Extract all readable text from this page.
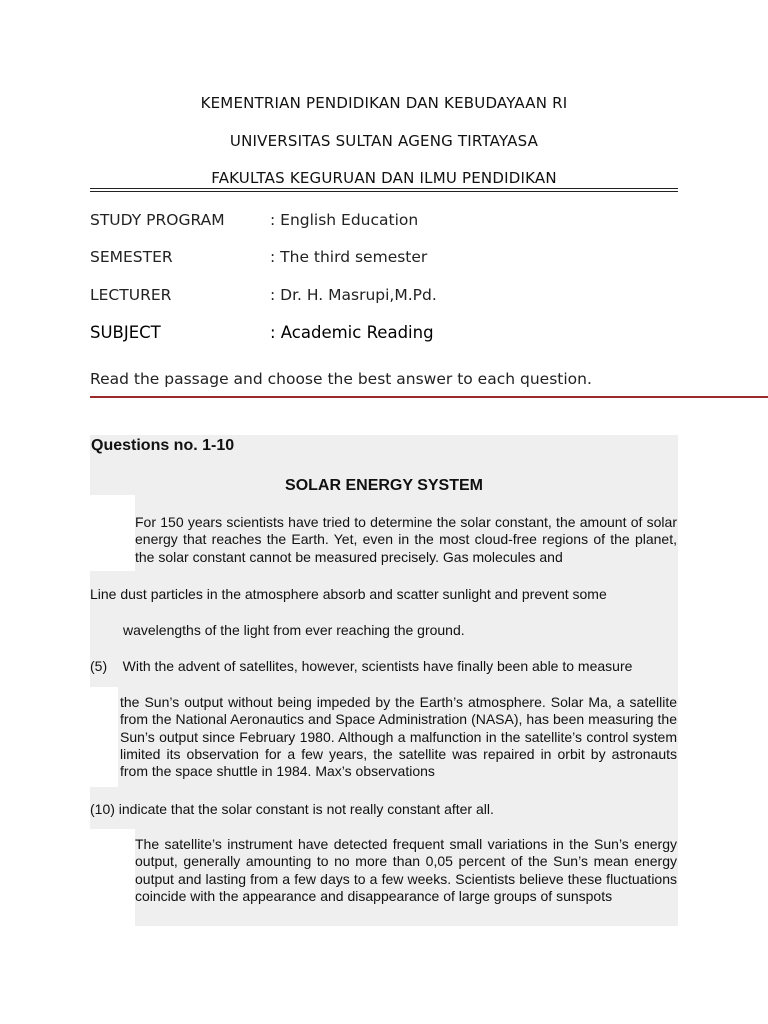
KEMENTRIAN PENDIDIKAN DAN KEBUDAYAAN RI
UNIVERSITAS SULTAN AGENG TIRTAYASA
FAKULTAS KEGURUAN DAN ILMU PENDIDIKAN
STUDY PROGRAM	: English Education
SEMESTER	: The third semester
LECTURER	: Dr. H. Masrupi,M.Pd.
SUBJECT	: Academic Reading
Read the passage and choose the best answer to each question.
Questions no. 1-10
SOLAR ENERGY SYSTEM
For 150 years scientists have tried to determine the solar constant, the amount of solar energy that reaches the Earth. Yet, even in the most cloud-free regions of the planet, the solar constant cannot be measured precisely. Gas molecules and
Line dust particles in the atmosphere absorb and scatter sunlight and prevent some
wavelengths of the light from ever reaching the ground.
(5)    With the advent of satellites, however, scientists have finally been able to measure
the Sun’s output without being impeded by the Earth’s atmosphere. Solar Ma, a satellite from the National Aeronautics and Space Administration (NASA), has been measuring the Sun’s output since February 1980. Although a malfunction in the satellite’s control system limited its observation for a few years, the satellite was repaired in orbit by astronauts from the space shuttle in 1984. Max’s observations
(10) indicate that the solar constant is not really constant after all.
The satellite’s instrument have detected frequent small variations in the Sun’s energy output, generally amounting to no more than 0,05 percent of the Sun’s mean energy output and lasting from a few days to a few weeks. Scientists believe these fluctuations coincide with the appearance and disappearance of large groups of sunspots
